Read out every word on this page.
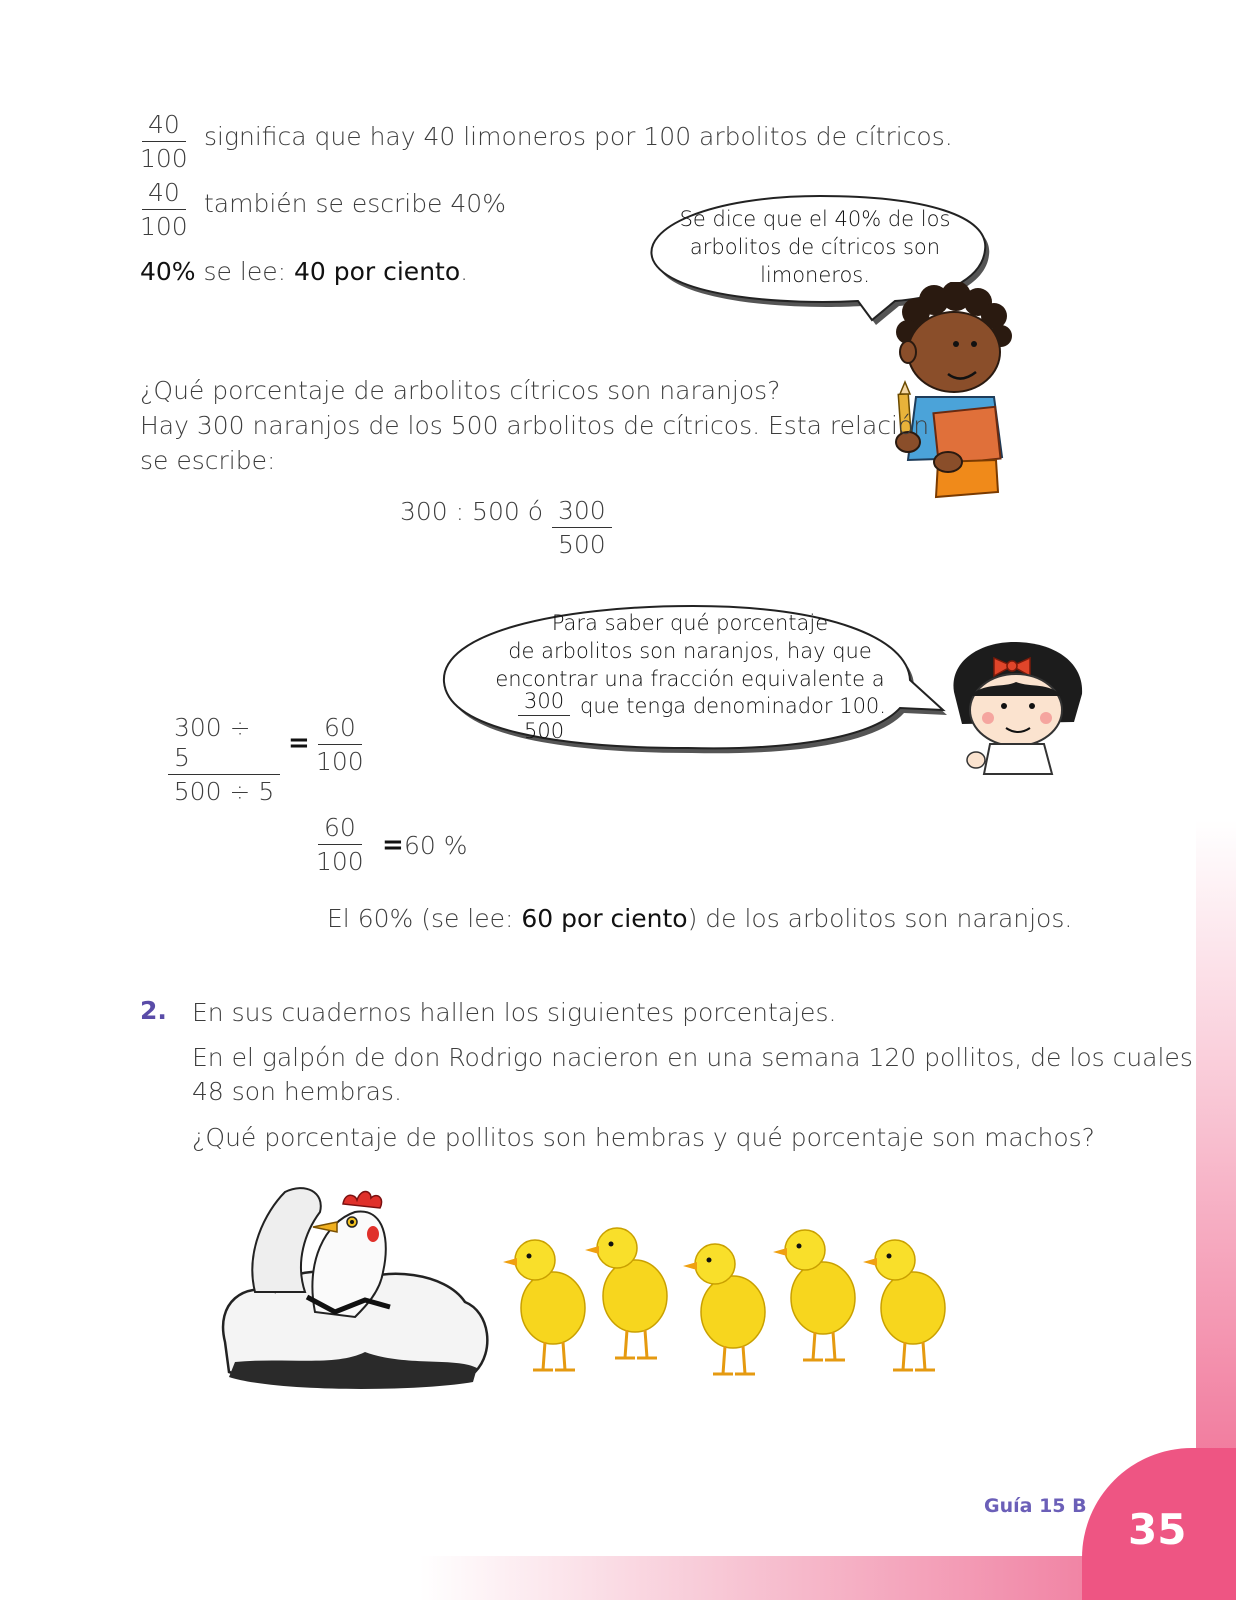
35
Guía 15 B
$\frac{40}{100}$ significa que hay 40 limoneros por 100 arbolitos de cítricos.
$\frac{40}{100}$ también se escribe 40%
40% se lee: 40 por ciento.
Se dice que el 40% de los
arbolitos de cítricos son
limoneros.
¿Qué porcentaje de arbolitos cítricos son naranjos?
Hay 300 naranjos de los 500 arbolitos de cítricos. Esta relación
se escribe:
300 : 500 ó $\frac{300}{500}$
Para saber qué porcentaje
de arbolitos son naranjos, hay que
encontrar una fracción equivalente a
$\frac{300}{500}$ que tenga denominador 100.
$\frac{300 \div 5}{500 \div 5} = \frac{60}{100}$
$\frac{60}{100} = 60$ %
El 60% (se lee: 60 por ciento) de los arbolitos son naranjos.
2. En sus cuadernos hallen los siguientes porcentajes.
En el galpón de don Rodrigo nacieron en una semana 120 pollitos, de los cuales
48 son hembras.
¿Qué porcentaje de pollitos son hembras y qué porcentaje son machos?
